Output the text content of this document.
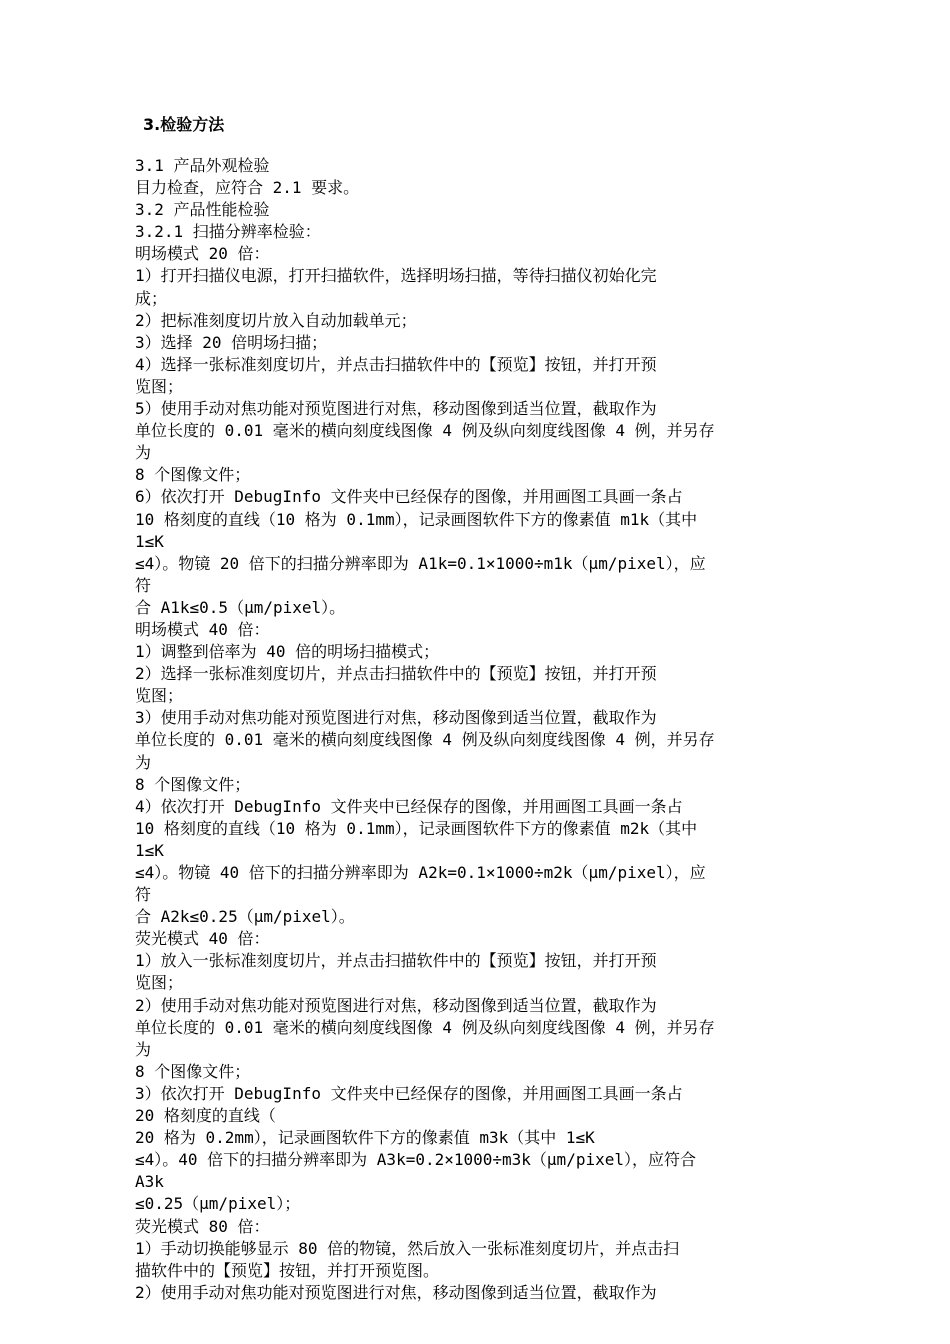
3.检验方法
3.1 产品外观检验
目力检查，应符合 2.1 要求。
3.2 产品性能检验
3.2.1 扫描分辨率检验：
明场模式 20 倍：
1）打开扫描仪电源，打开扫描软件，选择明场扫描，等待扫描仪初始化完
成；
2）把标准刻度切片放入自动加载单元；
3）选择 20 倍明场扫描；
4）选择一张标准刻度切片，并点击扫描软件中的【预览】按钮，并打开预
览图；
5）使用手动对焦功能对预览图进行对焦，移动图像到适当位置，截取作为
单位长度的 0.01 毫米的横向刻度线图像 4 例及纵向刻度线图像 4 例，并另存
为
8 个图像文件；
6）依次打开 DebugInfo 文件夹中已经保存的图像，并用画图工具画一条占
10 格刻度的直线（10 格为 0.1mm），记录画图软件下方的像素值 m1k（其中
1≤K
≤4）。物镜 20 倍下的扫描分辨率即为 A1k=0.1×1000÷m1k（μm/pixel），应
符
合 A1k≤0.5（μm/pixel）。
明场模式 40 倍：
1）调整到倍率为 40 倍的明场扫描模式；
2）选择一张标准刻度切片，并点击扫描软件中的【预览】按钮，并打开预
览图；
3）使用手动对焦功能对预览图进行对焦，移动图像到适当位置，截取作为
单位长度的 0.01 毫米的横向刻度线图像 4 例及纵向刻度线图像 4 例，并另存
为
8 个图像文件；
4）依次打开 DebugInfo 文件夹中已经保存的图像，并用画图工具画一条占
10 格刻度的直线（10 格为 0.1mm），记录画图软件下方的像素值 m2k（其中
1≤K
≤4）。物镜 40 倍下的扫描分辨率即为 A2k=0.1×1000÷m2k（μm/pixel），应
符
合 A2k≤0.25（μm/pixel）。
荧光模式 40 倍：
1）放入一张标准刻度切片，并点击扫描软件中的【预览】按钮，并打开预
览图；
2）使用手动对焦功能对预览图进行对焦，移动图像到适当位置，截取作为
单位长度的 0.01 毫米的横向刻度线图像 4 例及纵向刻度线图像 4 例，并另存
为
8 个图像文件；
3）依次打开 DebugInfo 文件夹中已经保存的图像，并用画图工具画一条占
20 格刻度的直线（
20 格为 0.2mm），记录画图软件下方的像素值 m3k（其中 1≤K
≤4）。40 倍下的扫描分辨率即为 A3k=0.2×1000÷m3k（μm/pixel），应符合
A3k
≤0.25（μm/pixel）；
荧光模式 80 倍：
1）手动切换能够显示 80 倍的物镜，然后放入一张标准刻度切片，并点击扫
描软件中的【预览】按钮，并打开预览图。
2）使用手动对焦功能对预览图进行对焦，移动图像到适当位置，截取作为
